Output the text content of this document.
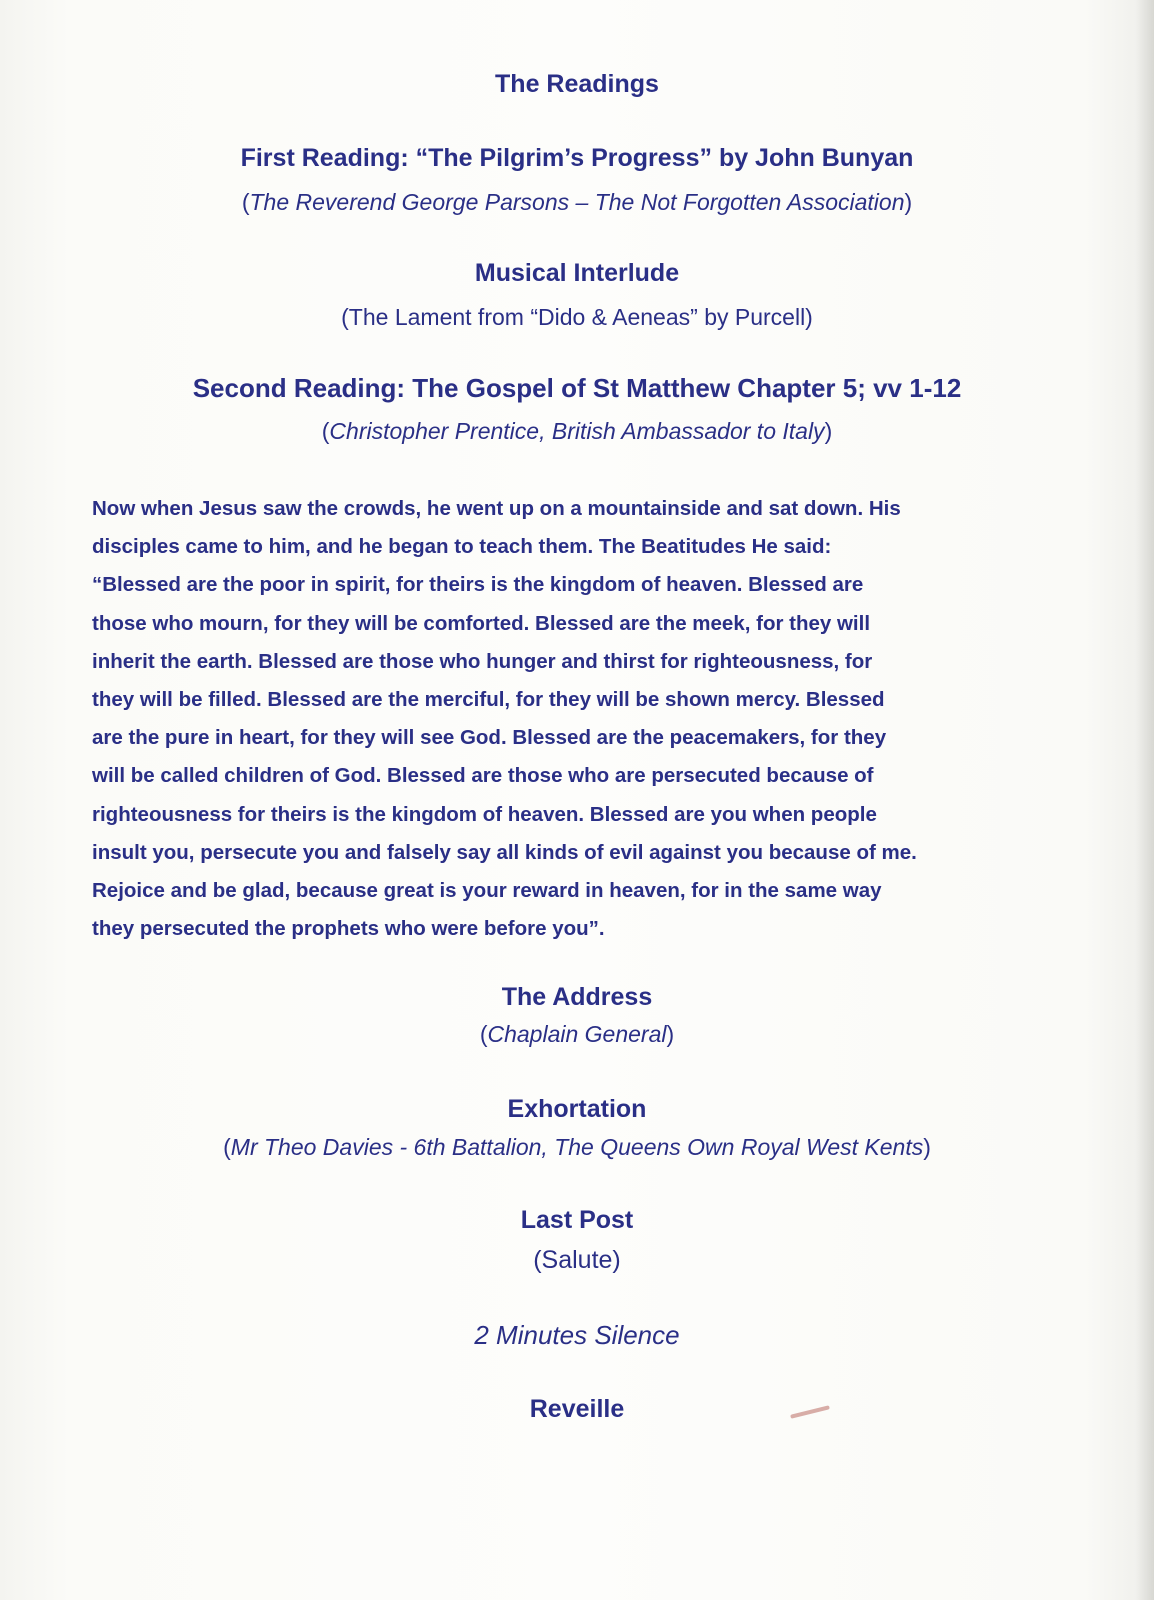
The Readings
First Reading: “The Pilgrim’s Progress” by John Bunyan
(The Reverend George Parsons – The Not Forgotten Association)
Musical Interlude
(The Lament from “Dido & Aeneas” by Purcell)
Second Reading: The Gospel of St Matthew Chapter 5; vv 1-12
(Christopher Prentice, British Ambassador to Italy)
Now when Jesus saw the crowds, he went up on a mountainside and sat down. His
disciples came to him, and he began to teach them. The Beatitudes He said:
“Blessed are the poor in spirit, for theirs is the kingdom of heaven. Blessed are
those who mourn, for they will be comforted. Blessed are the meek, for they will
inherit the earth. Blessed are those who hunger and thirst for righteousness, for
they will be filled. Blessed are the merciful, for they will be shown mercy. Blessed
are the pure in heart, for they will see God. Blessed are the peacemakers, for they
will be called children of God. Blessed are those who are persecuted because of
righteousness for theirs is the kingdom of heaven. Blessed are you when people
insult you, persecute you and falsely say all kinds of evil against you because of me.
Rejoice and be glad, because great is your reward in heaven, for in the same way
they persecuted the prophets who were before you”.
The Address
(Chaplain General)
Exhortation
(Mr Theo Davies - 6th Battalion, The Queens Own Royal West Kents)
Last Post
(Salute)
2 Minutes Silence
Reveille
